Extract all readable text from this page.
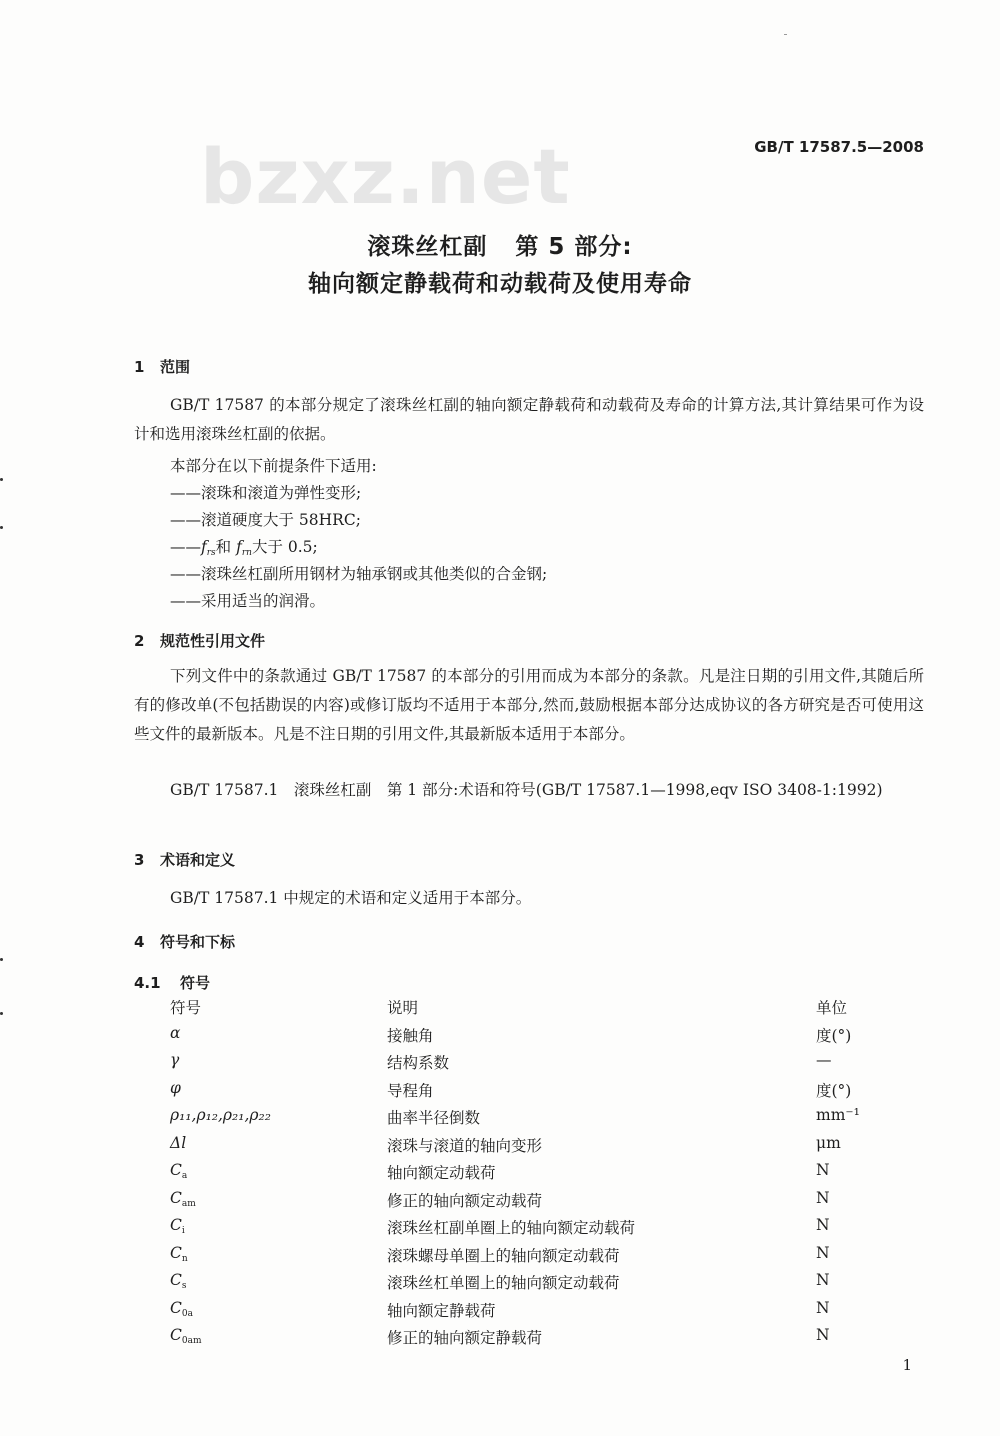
bzxz.net	GB/T 17587.5—2008
滚珠丝杠副 第 5 部分:
轴向额定静载荷和动载荷及使用寿命
1 范围
GB/T 17587 的本部分规定了滚珠丝杠副的轴向额定静载荷和动载荷及寿命的计算方法,其计算结果可作为设计和选用滚珠丝杠副的依据。
本部分在以下前提条件下适用:
——滚珠和滚道为弹性变形;
——滚道硬度大于 58HRC;
$——f_{rs}$和 $f_{rn}$大于 0.5;
——滚珠丝杠副所用钢材为轴承钢或其他类似的合金钢;
——采用适当的润滑。
2 规范性引用文件
下列文件中的条款通过 GB/T 17587 的本部分的引用而成为本部分的条款。凡是注日期的引用文件,其随后所有的修改单(不包括勘误的内容)或修订版均不适用于本部分,然而,鼓励根据本部分达成协议的各方研究是否可使用这些文件的最新版本。凡是不注日期的引用文件,其最新版本适用于本部分。
GB/T 17587.1　滚珠丝杠副　第 1 部分:术语和符号(GB/T 17587.1—1998,eqv ISO 3408-1:1992)
3 术语和定义
GB/T 17587.1 中规定的术语和定义适用于本部分。
4 符号和下标
4.1 符号
符号	说明	单位
α	接触角	度(°)
γ	结构系数	—
φ	导程角	度(°)
ρ₁₁,ρ₁₂,ρ₂₁,ρ₂₂	曲率半径倒数	mm⁻¹
Δl	滚珠与滚道的轴向变形	μm
Ca	轴向额定动载荷	N
Cam	修正的轴向额定动载荷	N
Ci	滚珠丝杠副单圈上的轴向额定动载荷	N
Cn	滚珠螺母单圈上的轴向额定动载荷	N
Cs	滚珠丝杠单圈上的轴向额定动载荷	N
C0a	轴向额定静载荷	N
C0am	修正的轴向额定静载荷	N
1
